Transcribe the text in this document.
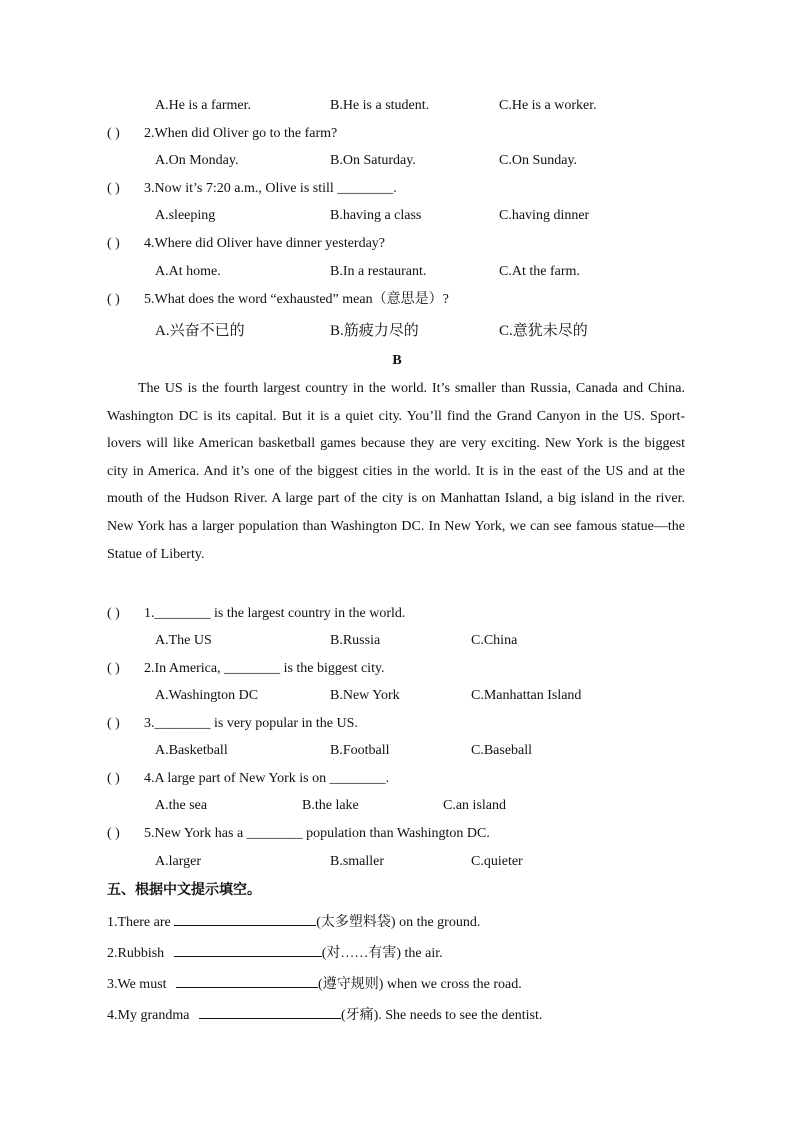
A.He is a farmer.	B.He is a student.	C.He is a worker.
( ) 2.When did Oliver go to the farm?
A.On Monday.	B.On Saturday.	C.On Sunday.
( ) 3.Now it’s 7:20 a.m., Olive is still ________.
A.sleeping	B.having a class	C.having dinner
( ) 4.Where did Oliver have dinner yesterday?
A.At home.	B.In a restaurant.	C.At the farm.
( ) 5.What does the word “exhausted” mean（意思是）?
A.兴奋不已的	B.筋疲力尽的	C.意犹未尽的
B
The US is the fourth largest country in the world. It’s smaller than Russia, Canada and China. Washington DC is its capital. But it is a quiet city. You’ll find the Grand Canyon in the US. Sport-lovers will like American basketball games because they are very exciting. New York is the biggest city in America. And it’s one of the biggest cities in the world. It is in the east of the US and at the mouth of the Hudson River. A large part of the city is on Manhattan Island, a big island in the river. New York has a larger population than Washington DC. In New York, we can see famous statue—the Statue of Liberty.
( ) 1.________ is the largest country in the world.
A.The US	B.Russia	C.China
( ) 2.In America, ________ is the biggest city.
A.Washington DC	B.New York	C.Manhattan Island
( ) 3.________ is very popular in the US.
A.Basketball	B.Football	C.Baseball
( ) 4.A large part of New York is on ________.
A.the sea	B.the lake	C.an island
( ) 5.New York has a ________ population than Washington DC.
A.larger	B.smaller	C.quieter
五、根据中文提示填空。
1.There are	(太多塑料袋) on the ground.
2.Rubbish	(对……有害) the air.
3.We must	(遵守规则) when we cross the road.
4.My grandma	(牙痛). She needs to see the dentist.
